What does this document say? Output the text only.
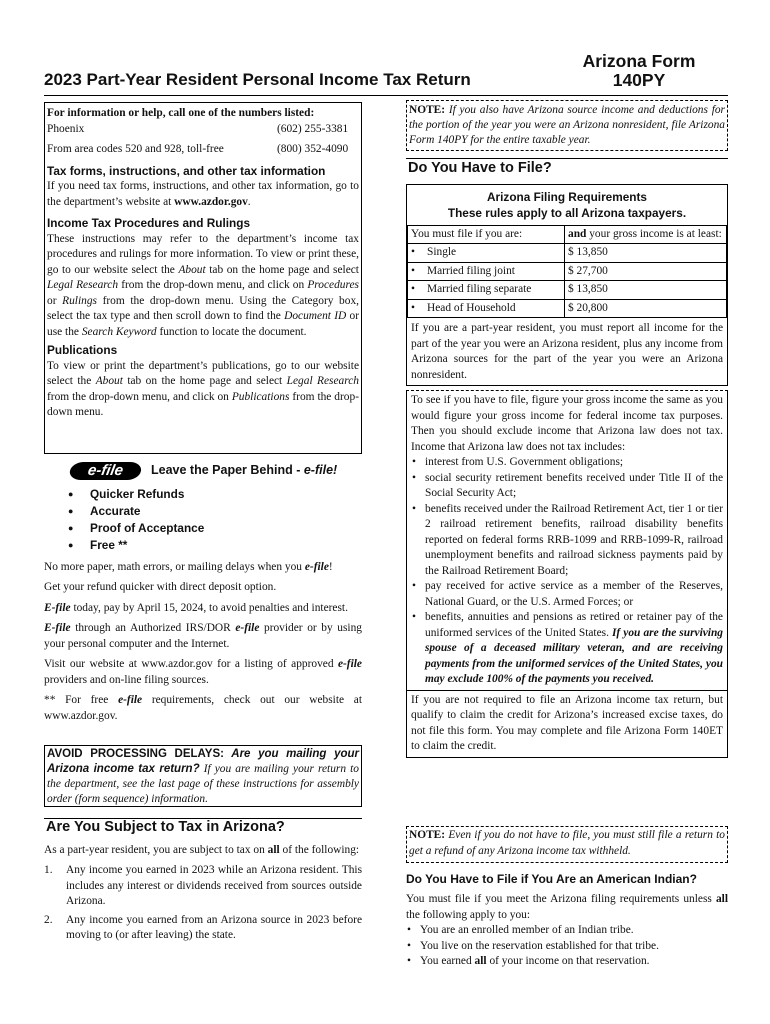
Arizona Form 140PY
2023 Part-Year Resident Personal Income Tax Return
For information or help, call one of the numbers listed:
Phoenix	(602) 255-3381
From area codes 520 and 928, toll-free	(800) 352-4090
Tax forms, instructions, and other tax information
If you need tax forms, instructions, and other tax information, go to the department’s website at www.azdor.gov.
Income Tax Procedures and Rulings
These instructions may refer to the department’s income tax procedures and rulings for more information. To view or print these, go to our website select the About tab on the home page and select Legal Research from the drop-down menu, and click on Procedures or Rulings from the drop-down menu. Using the Category box, select the tax type and then scroll down to find the Document ID or use the Search Keyword function to locate the document.
Publications
To view or print the department’s publications, go to our website select the About tab on the home page and select Legal Research from the drop-down menu, and click on Publications from the drop-down menu.
e-file	Leave the Paper Behind - e-file!
● Quicker Refunds
● Accurate
● Proof of Acceptance
● Free **
No more paper, math errors, or mailing delays when you e-file!
Get your refund quicker with direct deposit option.
E-file today, pay by April 15, 2024, to avoid penalties and interest.
E-file through an Authorized IRS/DOR e-file provider or by using your personal computer and the Internet.
Visit our website at www.azdor.gov for a listing of approved e-file providers and on-line filing sources.
** For free e-file requirements, check out our website at www.azdor.gov.
AVOID PROCESSING DELAYS: Are you mailing your Arizona income tax return? If you are mailing your return to the department, see the last page of these instructions for assembly order (form sequence) information.
Are You Subject to Tax in Arizona?
As a part-year resident, you are subject to tax on all of the following:
1. Any income you earned in 2023 while an Arizona resident. This includes any interest or dividends received from sources outside Arizona.
2. Any income you earned from an Arizona source in 2023 before moving to (or after leaving) the state.
NOTE: If you also have Arizona source income and deductions for the portion of the year you were an Arizona nonresident, file Arizona Form 140PY for the entire taxable year.
Do You Have to File?
Arizona Filing Requirements
These rules apply to all Arizona taxpayers.
You must file if you are:	and your gross income is at least:
• Single	$ 13,850
• Married filing joint	$ 27,700
• Married filing separate	$ 13,850
• Head of Household	$ 20,800
If you are a part-year resident, you must report all income for the part of the year you were an Arizona resident, plus any income from Arizona sources for the part of the year you were an Arizona nonresident.
To see if you have to file, figure your gross income the same as you would figure your gross income for federal income tax purposes. Then you should exclude income that Arizona law does not tax. Income that Arizona law does not tax includes:
• interest from U.S. Government obligations;
• social security retirement benefits received under Title II of the Social Security Act;
• benefits received under the Railroad Retirement Act, tier 1 or tier 2 railroad retirement benefits, railroad disability benefits reported on federal forms RRB-1099 and RRB-1099-R, railroad unemployment benefits and railroad sickness payments paid by the Railroad Retirement Board;
• pay received for active service as a member of the Reserves, National Guard, or the U.S. Armed Forces; or
• benefits, annuities and pensions as retired or retainer pay of the uniformed services of the United States. If you are the surviving spouse of a deceased military veteran, and are receiving payments from the uniformed services of the United States, you may exclude 100% of the payments you received.
If you are not required to file an Arizona income tax return, but qualify to claim the credit for Arizona’s increased excise taxes, do not file this form. You may complete and file Arizona Form 140ET to claim the credit.
NOTE: Even if you do not have to file, you must still file a return to get a refund of any Arizona income tax withheld.
Do You Have to File if You Are an American Indian?
You must file if you meet the Arizona filing requirements unless all the following apply to you:
• You are an enrolled member of an Indian tribe.
• You live on the reservation established for that tribe.
• You earned all of your income on that reservation.
